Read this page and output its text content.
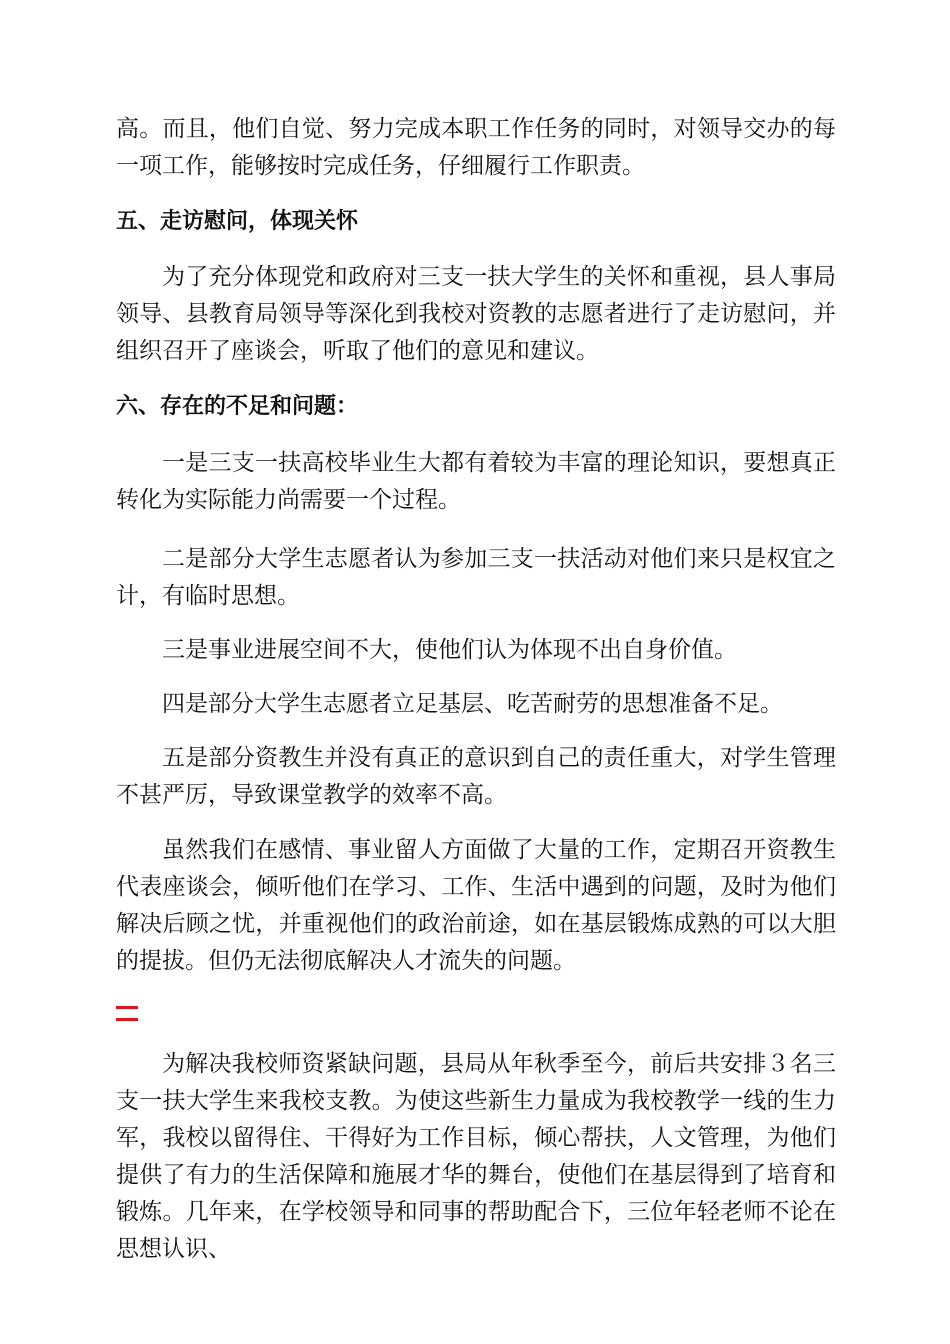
高。而且，他们自觉、努力完成本职工作任务的同时，对领导交办的每一项工作，能够按时完成任务，仔细履行工作职责。

五、走访慰问，体现关怀

为了充分体现党和政府对三支一扶大学生的关怀和重视，县人事局领导、县教育局领导等深化到我校对资教的志愿者进行了走访慰问，并组织召开了座谈会，听取了他们的意见和建议。

六、存在的不足和问题：

一是三支一扶高校毕业生大都有着较为丰富的理论知识，要想真正转化为实际能力尚需要一个过程。

二是部分大学生志愿者认为参加三支一扶活动对他们来只是权宜之计，有临时思想。

三是事业进展空间不大，使他们认为体现不出自身价值。

四是部分大学生志愿者立足基层、吃苦耐劳的思想准备不足。

五是部分资教生并没有真正的意识到自己的责任重大，对学生管理不甚严厉，导致课堂教学的效率不高。

虽然我们在感情、事业留人方面做了大量的工作，定期召开资教生代表座谈会，倾听他们在学习、工作、生活中遇到的问题，及时为他们解决后顾之忧，并重视他们的政治前途，如在基层锻炼成熟的可以大胆的提拔。但仍无法彻底解决人才流失的问题。

为解决我校师资紧缺问题，县局从年秋季至今，前后共安排３名三支一扶大学生来我校支教。为使这些新生力量成为我校教学一线的生力军，我校以留得住、干得好为工作目标，倾心帮扶，人文管理，为他们提供了有力的生活保障和施展才华的舞台，使他们在基层得到了培育和锻炼。几年来，在学校领导和同事的帮助配合下，三位年轻老师不论在思想认识、
